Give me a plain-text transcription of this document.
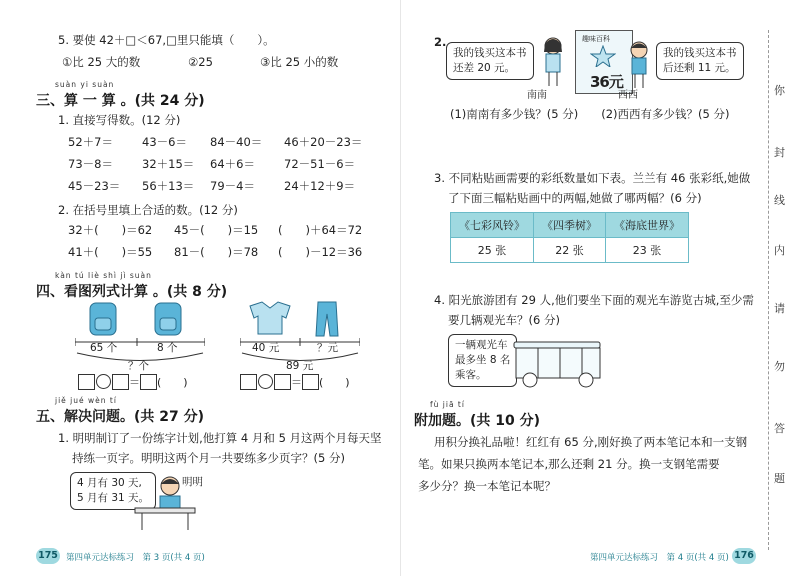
5. 要使 42＋□＜67,□里只能填（　　）。
①比 25 大的数	②25	③比 25 小的数
suàn yi suàn
三、算 一 算 。(共 24 分)
1. 直接写得数。(12 分)
52＋7＝	43－6＝ 84－40＝ 46＋20－23＝
73－8＝	32＋15＝ 64＋6＝	72－51－6＝
45－23＝ 56＋13＝ 79－4＝	24＋12＋9＝
2. 在括号里填上合适的数。(12 分)
32＋(　　)＝62 45－(　　)＝15 (　　)＋64＝72
41＋(　　)＝55 81－(　　)＝78 (　　)－12＝36
kàn tú liè shì jì suàn
四、看图列式计算 。(共 8 分)
65 个	8 个
？个
＝ (　　)
40 元	？元
89 元
＝ (　　)
jiě jué wèn tí
五、解决问题。(共 27 分)
1. 明明制订了一份练字计划,他打算 4 月和 5 月这两个月每天坚
持练一页字。明明这两个月一共要练多少页字？(5 分)
4 月有 30 天,
5 月有 31 天。
明明
175 第四单元达标练习　第 3 页(共 4 页)
2.
我的钱买这本书
还差 20 元。
南南
趣味百科
36元
西西
我的钱买这本书
后还剩 11 元。
(1)南南有多少钱？(5 分)　　(2)西西有多少钱？(5 分)
3. 不同粘贴画需要的彩纸数量如下表。兰兰有 46 张彩纸,她做
了下面三幅粘贴画中的两幅,她做了哪两幅？(6 分)
《七彩风铃》	《四季树》	《海底世界》
25 张	22 张	23 张
4. 阳光旅游团有 29 人,他们要坐下面的观光车游览古城,至少需
要几辆观光车？(6 分)
一辆观光车
最多坐 8 名
乘客。
fù jiā tí
附加题。(共 10 分)
用积分换礼品啦！红红有 65 分,刚好换了两本笔记本和一支钢
笔。如果只换两本笔记本,那么还剩 21 分。换一支钢笔需要
多少分？换一本笔记本呢？
第四单元达标练习　第 4 页(共 4 页) 176
你
封
线
内
请
勿
答
题
